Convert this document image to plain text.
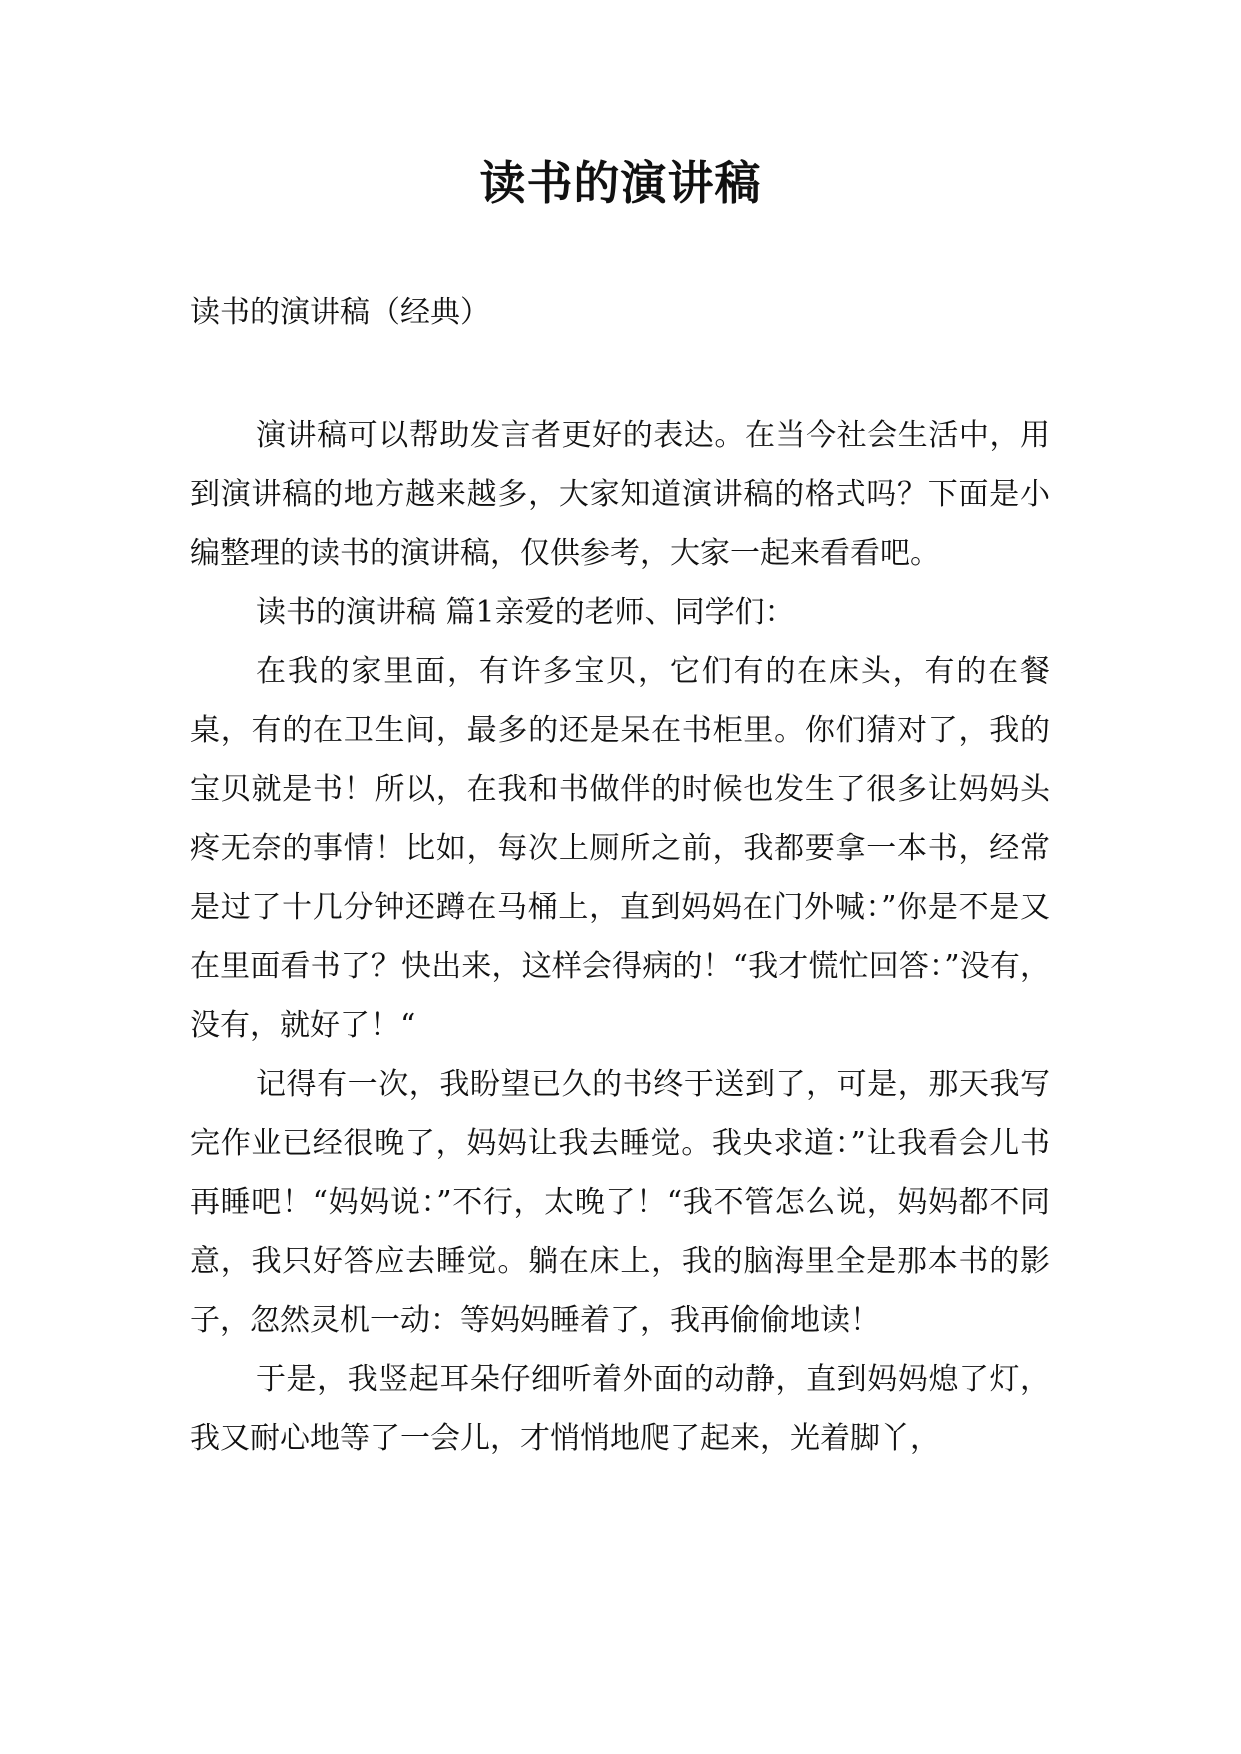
读书的演讲稿
读书的演讲稿（经典）

演讲稿可以帮助发言者更好的表达。在当今社会生活中，用到演讲稿的地方越来越多，大家知道演讲稿的格式吗？下面是小编整理的读书的演讲稿，仅供参考，大家一起来看看吧。

读书的演讲稿 篇1亲爱的老师、同学们：

在我的家里面，有许多宝贝，它们有的在床头，有的在餐桌，有的在卫生间，最多的还是呆在书柜里。你们猜对了，我的宝贝就是书！所以，在我和书做伴的时候也发生了很多让妈妈头疼无奈的事情！比如，每次上厕所之前，我都要拿一本书，经常是过了十几分钟还蹲在马桶上，直到妈妈在门外喊：”你是不是又在里面看书了？快出来，这样会得病的！“我才慌忙回答：”没有，没有，就好了！“

记得有一次，我盼望已久的书终于送到了，可是，那天我写完作业已经很晚了，妈妈让我去睡觉。我央求道：”让我看会儿书再睡吧！“妈妈说：”不行，太晚了！“我不管怎么说，妈妈都不同意，我只好答应去睡觉。躺在床上，我的脑海里全是那本书的影子，忽然灵机一动：等妈妈睡着了，我再偷偷地读！

于是，我竖起耳朵仔细听着外面的动静，直到妈妈熄了灯，我又耐心地等了一会儿，才悄悄地爬了起来，光着脚丫，
